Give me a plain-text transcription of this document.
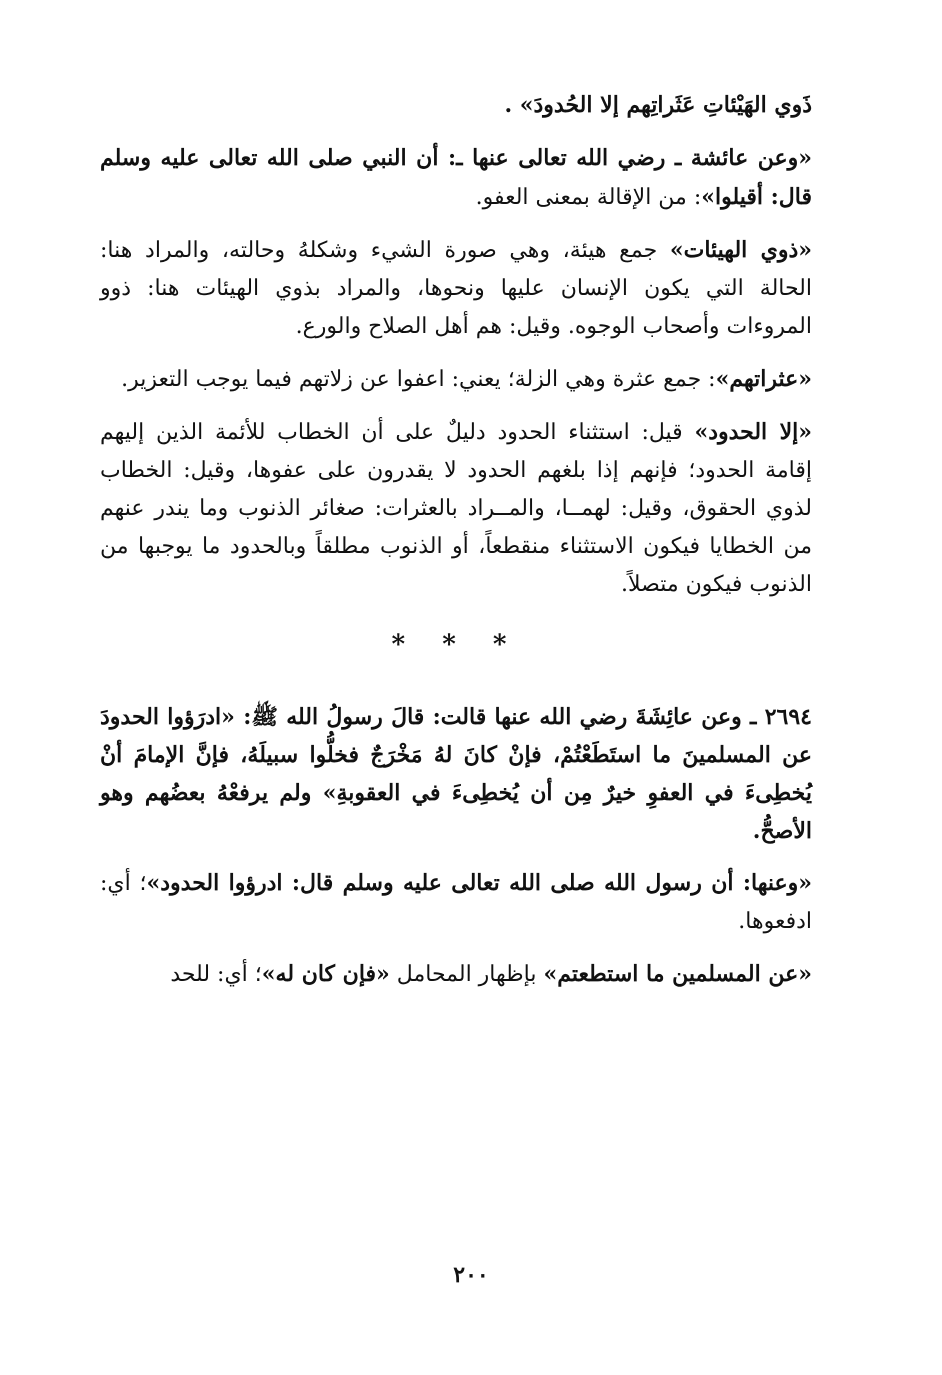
ذَوي الهَيْئاتِ عَثَراتِهم إلا الحُدودَ» .

«وعن عائشة ـ رضي الله تعالى عنها ـ: أن النبي صلى الله تعالى عليه وسلم قال: أقيلوا»: من الإقالة بمعنى العفو.

«ذوي الهيئات» جمع هيئة، وهي صورة الشيء وشكلهُ وحالته، والمراد هنا: الحالة التي يكون الإنسان عليها ونحوها، والمراد بذوي الهيئات هنا: ذوو المروءات وأصحاب الوجوه. وقيل: هم أهل الصلاح والورع.

«عثراتهم»: جمع عثرة وهي الزلة؛ يعني: اعفوا عن زلاتهم فيما يوجب التعزير.

«إلا الحدود» قيل: استثناء الحدود دليلٌ على أن الخطاب للأئمة الذين إليهم إقامة الحدود؛ فإنهم إذا بلغهم الحدود لا يقدرون على عفوها، وقيل: الخطاب لذوي الحقوق، وقيل: لهمــا، والمــراد بالعثرات: صغائر الذنوب وما يندر عنهم من الخطايا فيكون الاستثناء منقطعاً، أو الذنوب مطلقاً وبالحدود ما يوجبها من الذنوب فيكون متصلاً.

* * *

٢٦٩٤ ـ وعن عائِشَةَ رضي الله عنها قالت: قالَ رسولُ الله ﷺ: «ادرَؤوا الحدودَ عن المسلمينَ ما استَطَعْتُمْ، فإنْ كانَ لهُ مَخْرَجٌ فخلُّوا سبيلَهُ، فإنَّ الإمامَ أنْ يُخطِىءَ في العفوِ خيرٌ مِن أن يُخطِىءَ في العقوبةِ» ولم يرفعْهُ بعضُهم وهو الأصحُّ.

«وعنها: أن رسول الله صلى الله تعالى عليه وسلم قال: ادرؤوا الحدود»؛ أي: ادفعوها.

«عن المسلمين ما استطعتم» بإظهار المحامل «فإن كان له»؛ أي: للحد

٢٠٠
